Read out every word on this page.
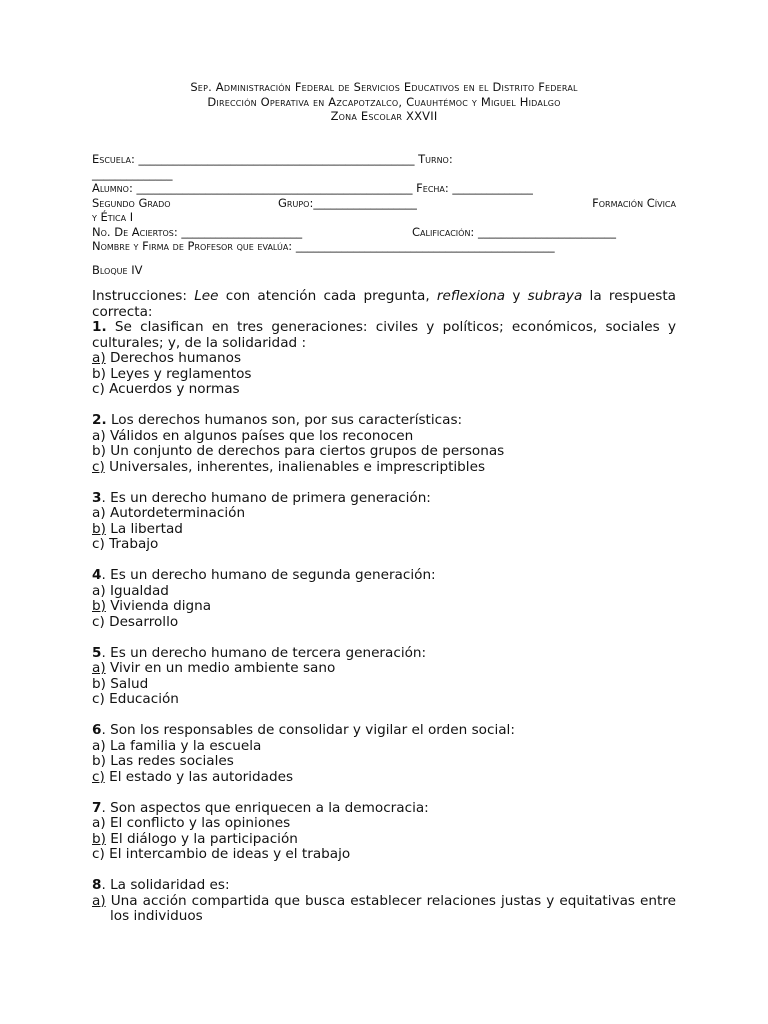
Sep. Administración Federal de Servicios Educativos en el Distrito Federal
Dirección Operativa en Azcapotzalco, Cuauhtémoc y Miguel Hidalgo
Zona Escolar XXVII
Escuela: ________________________________________________ Turno:
______________
Alumno: ________________________________________________ Fecha: ______________
Segundo Grado	Grupo:__________________	Formación Cívica
y Ética I
No. De Aciertos: _____________________	Calificación: ________________________
Nombre y Firma de Profesor que evalúa: _____________________________________________
Bloque IV
Instrucciones: Lee con atención cada pregunta, reflexiona y subraya la respuesta correcta:
1. Se clasifican en tres generaciones: civiles y políticos; económicos, sociales y culturales; y, de la solidaridad :
a) Derechos humanos
b) Leyes y reglamentos
c) Acuerdos y normas
2. Los derechos humanos son, por sus características:
a) Válidos en algunos países que los reconocen
b) Un conjunto de derechos para ciertos grupos de personas
c) Universales, inherentes, inalienables e imprescriptibles
3. Es un derecho humano de primera generación:
a) Autordeterminación
b) La libertad
c) Trabajo
4. Es un derecho humano de segunda generación:
a) Igualdad
b) Vivienda digna
c) Desarrollo
5. Es un derecho humano de tercera generación:
a) Vivir en un medio ambiente sano
b) Salud
c) Educación
6. Son los responsables de consolidar y vigilar el orden social:
a) La familia y la escuela
b) Las redes sociales
c) El estado y las autoridades
7. Son aspectos que enriquecen a la democracia:
a) El conflicto y las opiniones
b) El diálogo y la participación
c) El intercambio de ideas y el trabajo
8. La solidaridad es:
a) Una acción compartida que busca establecer relaciones justas y equitativas entre los individuos
